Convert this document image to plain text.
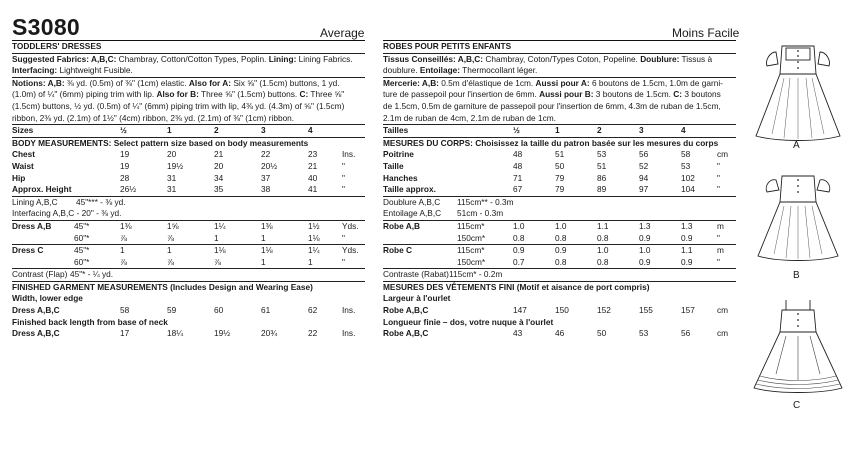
S3080	Average	Moins Facile
TODDLERS' DRESSES
Suggested Fabrics: A,B,C: Chambray, Cotton/Cotton Types, Poplin. Lining: Lining Fabrics.
Interfacing: Lightweight Fusible.
Notions: A,B: ⅜ yd. (0.5m) of ⅜" (1cm) elastic. Also for A: Six ⅝" (1.5cm) buttons, 1 yd.
(1.0m) of ¼" (6mm) piping trim with lip. Also for B: Three ⅝" (1.5cm) buttons. C: Three ⅝"
(1.5cm) buttons, ½ yd. (0.5m) of ¼" (6mm) piping trim with lip, 4⅜ yd. (4.3m) of ⅝" (1.5cm)
ribbon, 2⅜ yd. (2.1m) of 1½" (4cm) ribbon, 2⅜ yd. (2.1m) of ⅜" (1cm) ribbon.
Sizes	½	1	2	3	4
BODY MEASUREMENTS: Select pattern size based on body measurements
Chest	19	20	21	22	23	Ins.
Waist	19	19½	20	20½	21	"
Hip	28	31	34	37	40	"
Approx. Height	26½	31	35	38	41	"
Lining A,B,C 45"*** - ⅜ yd.
Interfacing A,B,C - 20" - ⅜ yd.
Dress A,B	45"*	1⅜	1⅝	1¼	1⅜	1½	Yds.
60"*	⅞	⅞	1	1	1⅛	"
Dress C	45"*	1	1	1⅛	1⅛	1¼	Yds.
60"*	⅞	⅞	⅞	1	1	"
Contrast (Flap) 45"* - ¼ yd.
FINISHED GARMENT MEASUREMENTS (Includes Design and Wearing Ease)
Width, lower edge
Dress A,B,C	58	59	60	61	62	Ins.
Finished back length from base of neck
Dress A,B,C	17	18¼	19½	20¾	22	Ins.
ROBES POUR PETITS ENFANTS
Tissus Conseillés: A,B,C: Chambray, Coton/Types Coton, Popeline. Doublure: Tissus à
doublure. Entoilage: Thermocollant léger.
Mercerie: A,B: 0.5m d'élastique de 1cm. Aussi pour A: 6 boutons de 1.5cm, 1.0m de garni-
ture de passepoil pour l'insertion de 6mm. Aussi pour B: 3 boutons de 1.5cm. C: 3 boutons
de 1.5cm, 0.5m de garniture de passepoil pour l'insertion de 6mm, 4.3m de ruban de 1.5cm,
2.1m de ruban de 4cm, 2.1m de ruban de 1cm.
Tailles	½	1	2	3	4
MESURES DU CORPS: Choisissez la taille du patron basée sur les mesures du corps
Poitrine	48	51	53	56	58	cm
Taille	48	50	51	52	53	"
Hanches	71	79	86	94	102	"
Taille approx.	67	79	89	97	104	"
Doublure A,B,C 115cm** - 0.3m
Entoilage A,B,C 51cm - 0.3m
Robe A,B	115cm*	1.0	1.0	1.1	1.3	1.3	m
150cm*	0.8	0.8	0.8	0.9	0.9	"
Robe C	115cm*	0.9	0.9	1.0	1.0	1.1	m
150cm*	0.7	0.8	0.8	0.9	0.9	"
Contraste (Rabat) 115cm* - 0.2m
MESURES DES VÊTEMENTS FINI (Motif et aisance de port compris)
Largeur à l'ourlet
Robe A,B,C	147	150	152	155	157	cm
Longueur finie – dos, votre nuque à l'ourlet
Robe A,B,C	43	46	50	53	56	cm
A
B
C
